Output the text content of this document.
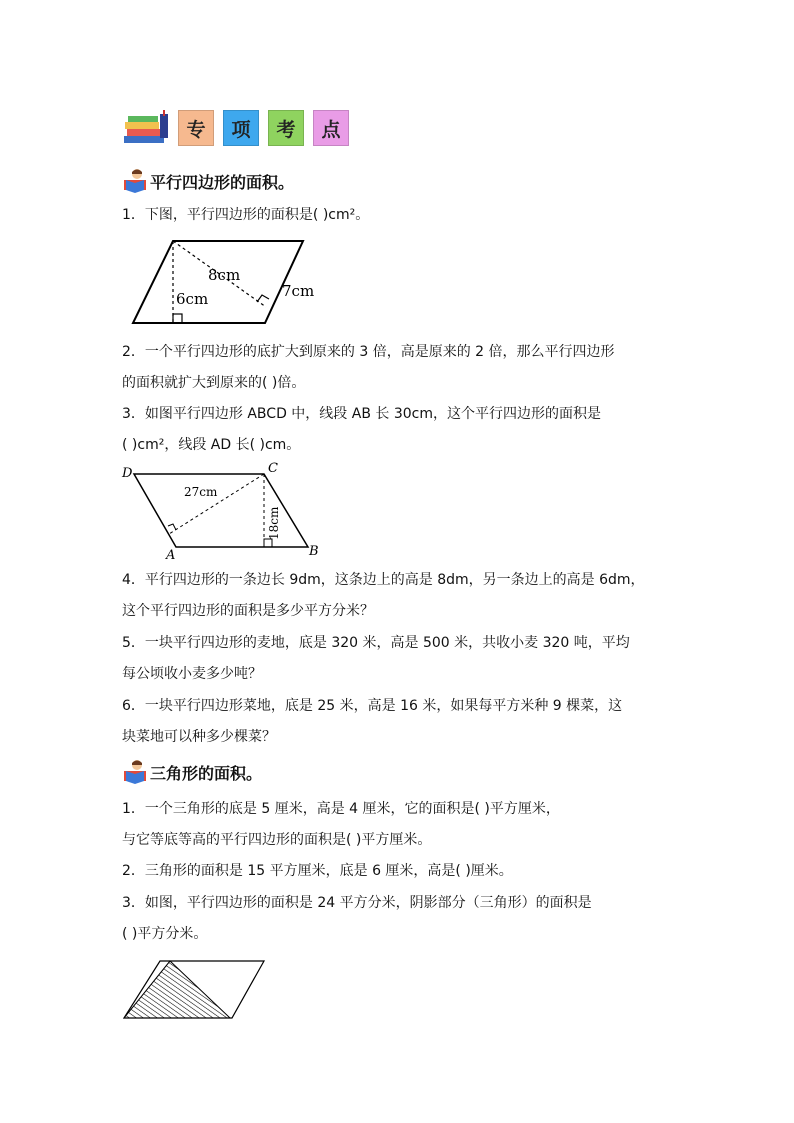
专	项	考	点
平行四边形的面积。
1．下图，平行四边形的面积是( )cm²。
8cm
7cm
6cm
2．一个平行四边形的底扩大到原来的 3 倍，高是原来的 2 倍，那么平行四边形
的面积就扩大到原来的( )倍。
3．如图平行四边形 ABCD 中，线段 AB 长 30cm，这个平行四边形的面积是
( )cm²，线段 AD 长( )cm。
D	C
A	B
27cm
18cm
4．平行四边形的一条边长 9dm，这条边上的高是 8dm，另一条边上的高是 6dm，
这个平行四边形的面积是多少平方分米？
5．一块平行四边形的麦地，底是 320 米，高是 500 米，共收小麦 320 吨，平均
每公顷收小麦多少吨？
6．一块平行四边形菜地，底是 25 米，高是 16 米，如果每平方米种 9 棵菜，这
块菜地可以种多少棵菜？
三角形的面积。
1．一个三角形的底是 5 厘米，高是 4 厘米，它的面积是( )平方厘米，
与它等底等高的平行四边形的面积是( )平方厘米。
2．三角形的面积是 15 平方厘米，底是 6 厘米，高是( )厘米。
3．如图，平行四边形的面积是 24 平方分米，阴影部分（三角形）的面积是
( )平方分米。
